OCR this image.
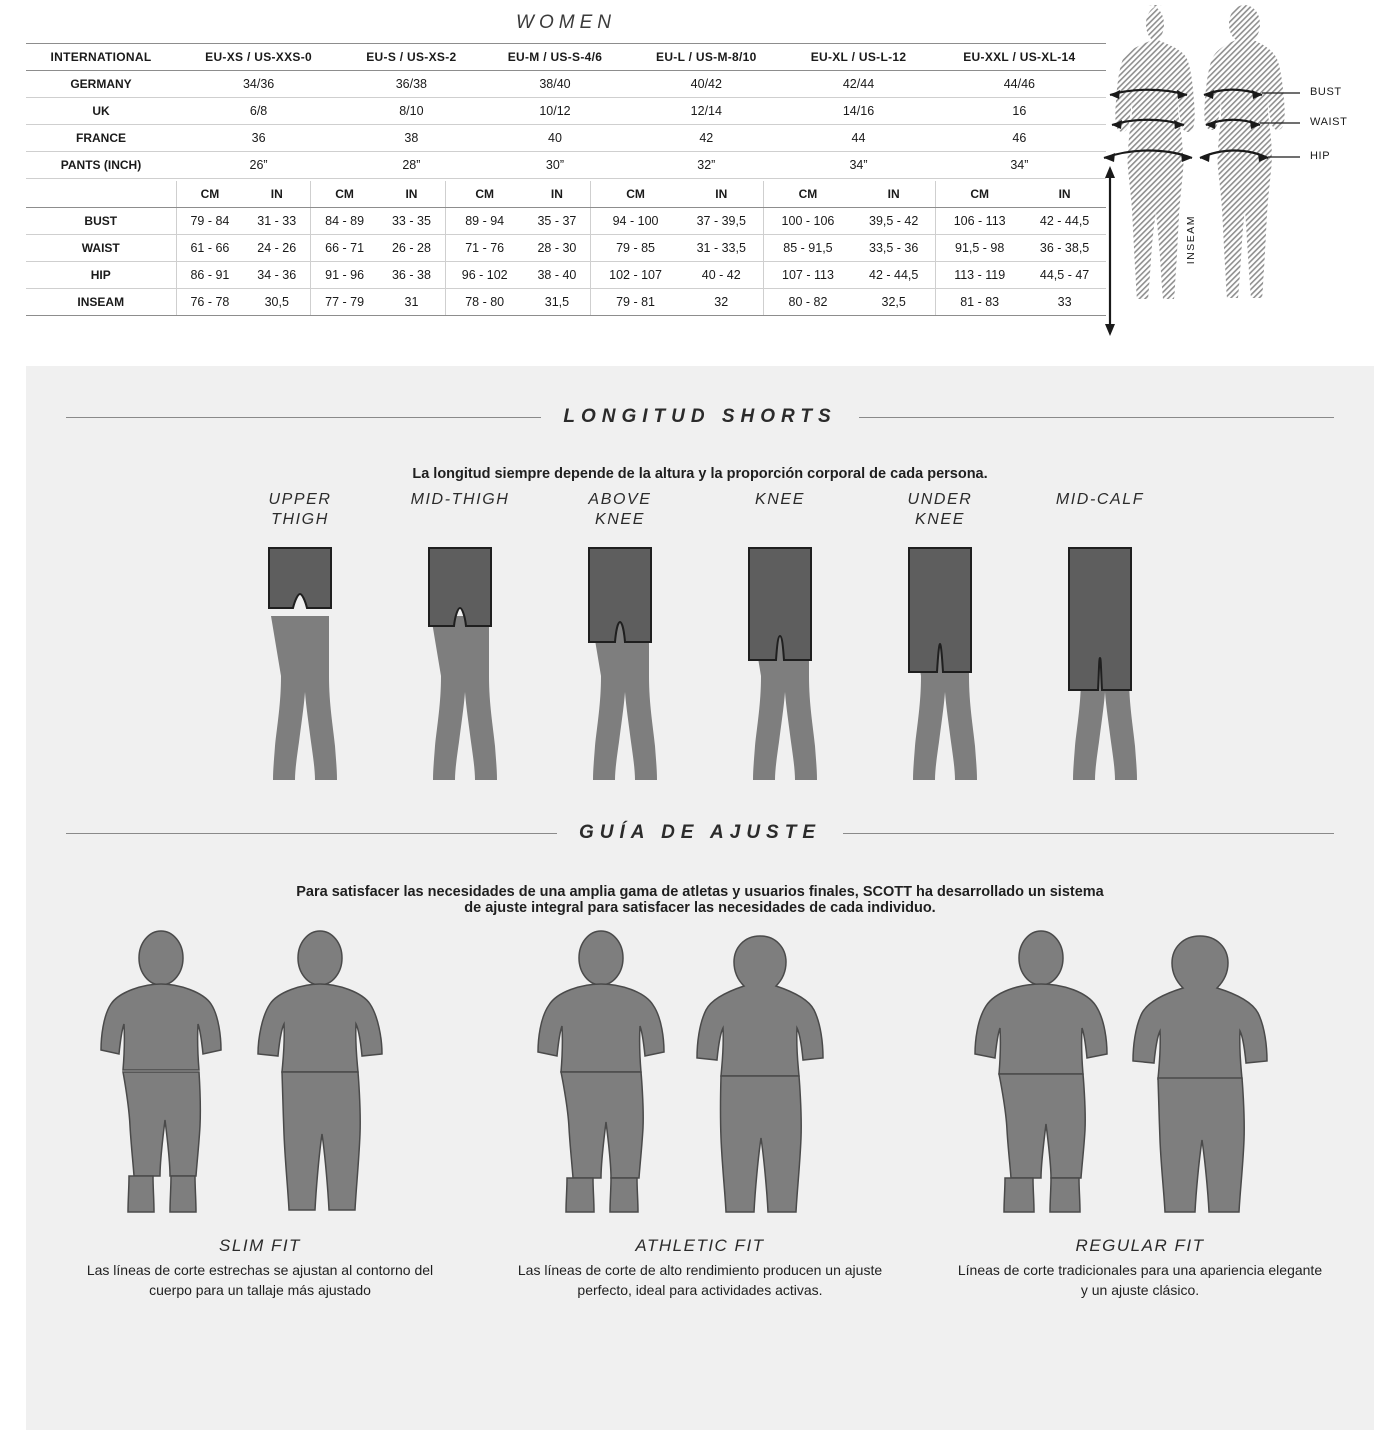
WOMEN
INTERNATIONAL	EU-XS / US-XXS-0	EU-S / US-XS-2	EU-M / US-S-4/6	EU-L / US-M-8/10	EU-XL / US-L-12	EU-XXL / US-XL-14
GERMANY	34/36	36/38	38/40	40/42	42/44	44/46
UK	6/8	8/10	10/12	12/14	14/16	16
FRANCE	36	38	40	42	44	46
PANTS (INCH)	26”	28”	30”	32”	34”	34”
	CM	IN	CM	IN	CM	IN	CM	IN	CM	IN	CM	IN
BUST	79 - 84	31 - 33	84 - 89	33 - 35	89 - 94	35 - 37	94 - 100	37 - 39,5	100 - 106	39,5 - 42	106 - 113	42 - 44,5
WAIST	61 - 66	24 - 26	66 - 71	26 - 28	71 - 76	28 - 30	79 - 85	31 - 33,5	85 - 91,5	33,5 - 36	91,5 - 98	36 - 38,5
HIP	86 - 91	34 - 36	91 - 96	36 - 38	96 - 102	38 - 40	102 - 107	40 - 42	107 - 113	42 - 44,5	113 - 119	44,5 - 47
INSEAM	76 - 78	30,5	77 - 79	31	78 - 80	31,5	79 - 81	32	80 - 82	32,5	81 - 83	33
BUST
WAIST
HIP
INSEAM
LONGITUD SHORTS
La longitud siempre depende de la altura y la proporción corporal de cada persona.
UPPER
THIGH
MID-THIGH	ABOVE
KNEE
KNEE	UNDER
KNEE
MID-CALF
GUÍA DE AJUSTE
Para satisfacer las necesidades de una amplia gama de atletas y usuarios finales, SCOTT ha desarrollado un sistema
de ajuste integral para satisfacer las necesidades de cada individuo.
SLIM FIT
Las líneas de corte estrechas se ajustan al contorno del cuerpo para un tallaje más ajustado
ATHLETIC FIT
Las líneas de corte de alto rendimiento producen un ajuste perfecto, ideal para actividades activas.
REGULAR FIT
Líneas de corte tradicionales para una apariencia elegante y un ajuste clásico.
